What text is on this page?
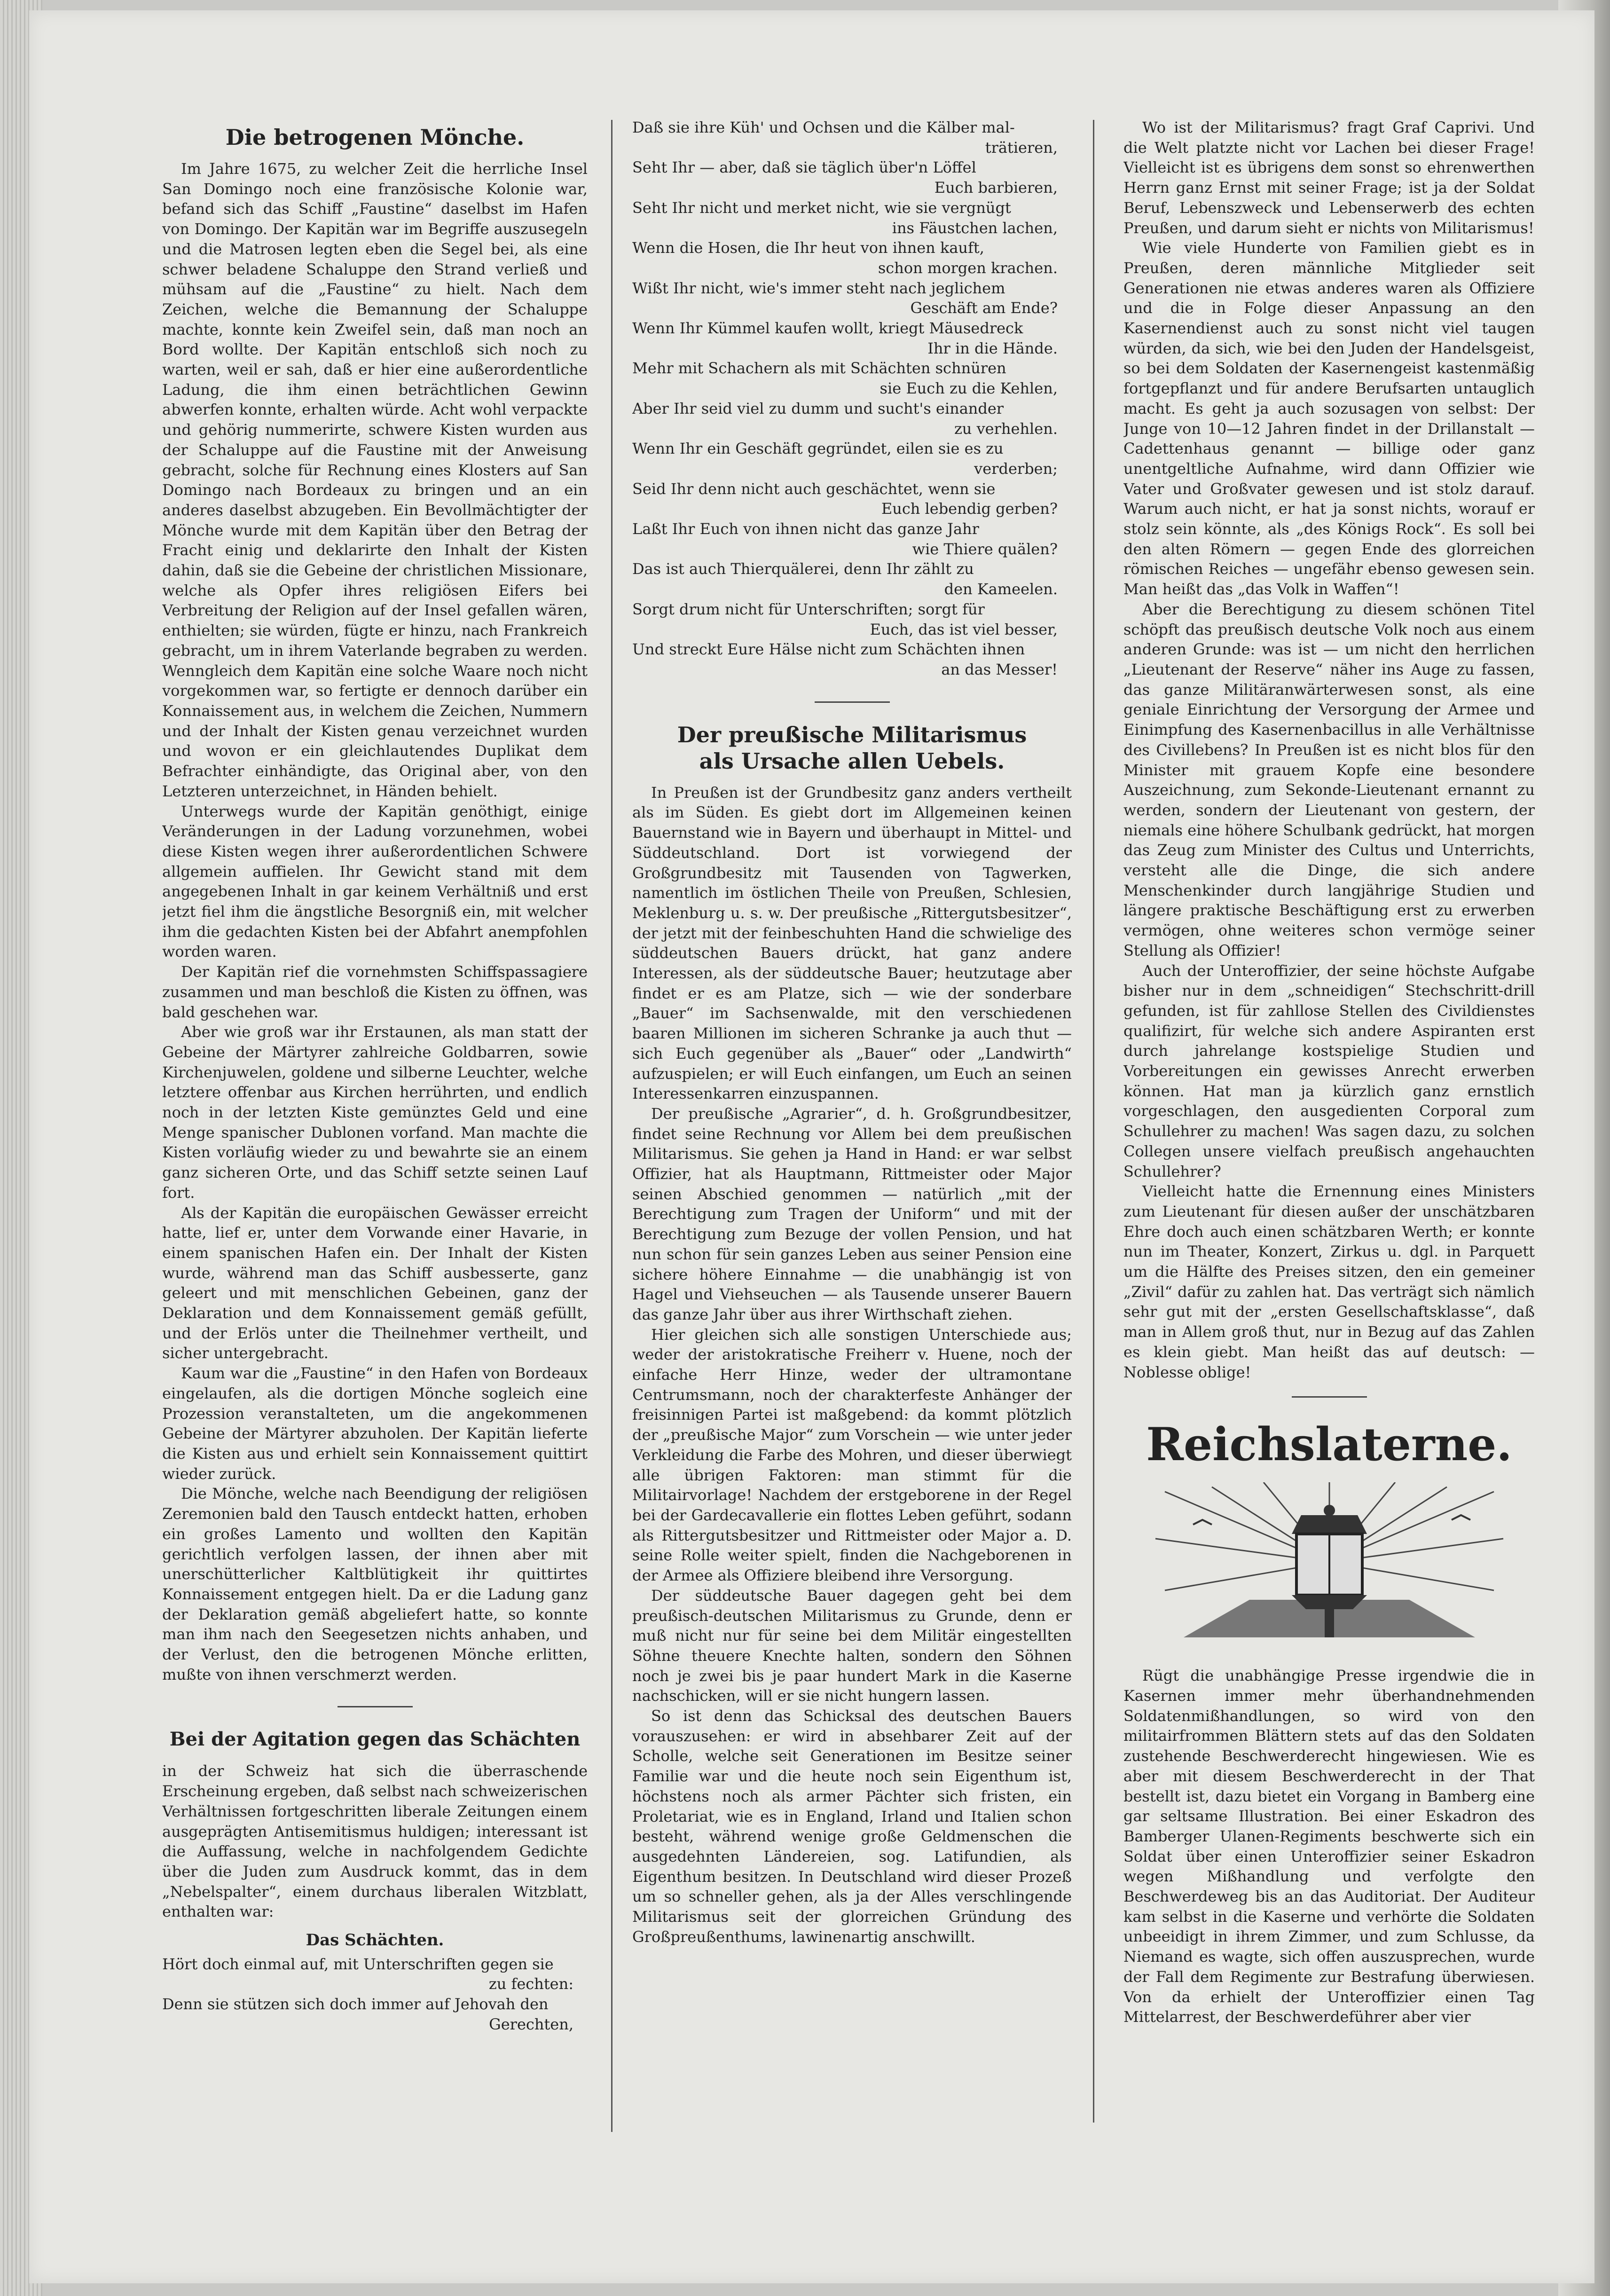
Die betrogenen Mönche.

Im Jahre 1675, zu welcher Zeit die herrliche Insel San Domingo noch eine französische Kolonie war, befand sich das Schiff „Faustine“ daselbst im Hafen von Domingo. Der Kapitän war im Begriffe auszusegeln und die Matrosen legten eben die Segel bei, als eine schwer beladene Schaluppe den Strand verließ und mühsam auf die „Faustine“ zu hielt. Nach dem Zeichen, welche die Bemannung der Schaluppe machte, konnte kein Zweifel sein, daß man noch an Bord wollte. Der Kapitän entschloß sich noch zu warten, weil er sah, daß er hier eine außerordentliche Ladung, die ihm einen beträchtlichen Gewinn abwerfen konnte, erhalten würde. Acht wohl verpackte und gehörig nummerirte, schwere Kisten wurden aus der Schaluppe auf die Faustine mit der Anweisung gebracht, solche für Rechnung eines Klosters auf San Domingo nach Bordeaux zu bringen und an ein anderes daselbst abzugeben. Ein Bevollmächtigter der Mönche wurde mit dem Kapitän über den Betrag der Fracht einig und deklarirte den Inhalt der Kisten dahin, daß sie die Gebeine der christlichen Missionare, welche als Opfer ihres religiösen Eifers bei Verbreitung der Religion auf der Insel gefallen wären, enthielten; sie würden, fügte er hinzu, nach Frankreich gebracht, um in ihrem Vaterlande begraben zu werden. Wenngleich dem Kapitän eine solche Waare noch nicht vorgekommen war, so fertigte er dennoch darüber ein Konnaissement aus, in welchem die Zeichen, Nummern und der Inhalt der Kisten genau verzeichnet wurden und wovon er ein gleichlautendes Duplikat dem Befrachter einhändigte, das Original aber, von den Letzteren unterzeichnet, in Händen behielt.

Unterwegs wurde der Kapitän genöthigt, einige Veränderungen in der Ladung vorzunehmen, wobei diese Kisten wegen ihrer außerordentlichen Schwere allgemein auffielen. Ihr Gewicht stand mit dem angegebenen Inhalt in gar keinem Verhältniß und erst jetzt fiel ihm die ängstliche Besorgniß ein, mit welcher ihm die gedachten Kisten bei der Abfahrt anempfohlen worden waren.

Der Kapitän rief die vornehmsten Schiffspassagiere zusammen und man beschloß die Kisten zu öffnen, was bald geschehen war.

Aber wie groß war ihr Erstaunen, als man statt der Gebeine der Märtyrer zahlreiche Goldbarren, sowie Kirchenjuwelen, goldene und silberne Leuchter, welche letztere offenbar aus Kirchen herrührten, und endlich noch in der letzten Kiste gemünztes Geld und eine Menge spanischer Dublonen vorfand. Man machte die Kisten vorläufig wieder zu und bewahrte sie an einem ganz sicheren Orte, und das Schiff setzte seinen Lauf fort.

Als der Kapitän die europäischen Gewässer erreicht hatte, lief er, unter dem Vorwande einer Havarie, in einem spanischen Hafen ein. Der Inhalt der Kisten wurde, während man das Schiff ausbesserte, ganz geleert und mit menschlichen Gebeinen, ganz der Deklaration und dem Konnaissement gemäß gefüllt, und der Erlös unter die Theilnehmer vertheilt, und sicher untergebracht.

Kaum war die „Faustine“ in den Hafen von Bordeaux eingelaufen, als die dortigen Mönche sogleich eine Prozession veranstalteten, um die angekommenen Gebeine der Märtyrer abzuholen. Der Kapitän lieferte die Kisten aus und erhielt sein Konnaissement quittirt wieder zurück.

Die Mönche, welche nach Beendigung der religiösen Zeremonien bald den Tausch entdeckt hatten, erhoben ein großes Lamento und wollten den Kapitän gerichtlich verfolgen lassen, der ihnen aber mit unerschütterlicher Kaltblütigkeit ihr quittirtes Konnaissement entgegen hielt. Da er die Ladung ganz der Deklaration gemäß abgeliefert hatte, so konnte man ihm nach den Seegesetzen nichts anhaben, und der Verlust, den die betrogenen Mönche erlitten, mußte von ihnen verschmerzt werden.

Bei der Agitation gegen das Schächten

in der Schweiz hat sich die überraschende Erscheinung ergeben, daß selbst nach schweizerischen Verhältnissen fortgeschritten liberale Zeitungen einem ausgeprägten Antisemitismus huldigen; interessant ist die Auffassung, welche in nachfolgendem Gedichte über die Juden zum Ausdruck kommt, das in dem „Nebelspalter“, einem durchaus liberalen Witzblatt, enthalten war:

Das Schächten.

Hört doch einmal auf, mit Unterschriften gegen sie

zu fechten:

Denn sie stützen sich doch immer auf Jehovah den

Gerechten,

Daß sie ihre Küh' und Ochsen und die Kälber mal-

trätieren,

Seht Ihr — aber, daß sie täglich über'n Löffel

Euch barbieren,

Seht Ihr nicht und merket nicht, wie sie vergnügt

ins Fäustchen lachen,

Wenn die Hosen, die Ihr heut von ihnen kauft,

schon morgen krachen.

Wißt Ihr nicht, wie's immer steht nach jeglichem

Geschäft am Ende?

Wenn Ihr Kümmel kaufen wollt, kriegt Mäusedreck

Ihr in die Hände.

Mehr mit Schachern als mit Schächten schnüren

sie Euch zu die Kehlen,

Aber Ihr seid viel zu dumm und sucht's einander

zu verhehlen.

Wenn Ihr ein Geschäft gegründet, eilen sie es zu

verderben;

Seid Ihr denn nicht auch geschächtet, wenn sie

Euch lebendig gerben?

Laßt Ihr Euch von ihnen nicht das ganze Jahr

wie Thiere quälen?

Das ist auch Thierquälerei, denn Ihr zählt zu

den Kameelen.

Sorgt drum nicht für Unterschriften; sorgt für

Euch, das ist viel besser,

Und streckt Eure Hälse nicht zum Schächten ihnen

an das Messer!

Der preußische Militarismus
als Ursache allen Uebels.

In Preußen ist der Grundbesitz ganz anders vertheilt als im Süden. Es giebt dort im Allgemeinen keinen Bauernstand wie in Bayern und überhaupt in Mittel- und Süddeutschland. Dort ist vorwiegend der Großgrundbesitz mit Tausenden von Tagwerken, namentlich im östlichen Theile von Preußen, Schlesien, Meklenburg u. s. w. Der preußische „Rittergutsbesitzer“, der jetzt mit der feinbeschuhten Hand die schwielige des süddeutschen Bauers drückt, hat ganz andere Interessen, als der süddeutsche Bauer; heutzutage aber findet er es am Platze, sich — wie der sonderbare „Bauer“ im Sachsenwalde, mit den verschiedenen baaren Millionen im sicheren Schranke ja auch thut — sich Euch gegenüber als „Bauer“ oder „Landwirth“ aufzuspielen; er will Euch einfangen, um Euch an seinen Interessenkarren einzuspannen.

Der preußische „Agrarier“, d. h. Großgrundbesitzer, findet seine Rechnung vor Allem bei dem preußischen Militarismus. Sie gehen ja Hand in Hand: er war selbst Offizier, hat als Hauptmann, Rittmeister oder Major seinen Abschied genommen — natürlich „mit der Berechtigung zum Tragen der Uniform“ und mit der Berechtigung zum Bezuge der vollen Pension, und hat nun schon für sein ganzes Leben aus seiner Pension eine sichere höhere Einnahme — die unabhängig ist von Hagel und Viehseuchen — als Tausende unserer Bauern das ganze Jahr über aus ihrer Wirthschaft ziehen.

Hier gleichen sich alle sonstigen Unterschiede aus; weder der aristokratische Freiherr v. Huene, noch der einfache Herr Hinze, weder der ultramontane Centrumsmann, noch der charakterfeste Anhänger der freisinnigen Partei ist maßgebend: da kommt plötzlich der „preußische Major“ zum Vorschein — wie unter jeder Verkleidung die Farbe des Mohren, und dieser überwiegt alle übrigen Faktoren: man stimmt für die Militairvorlage! Nachdem der erstgeborene in der Regel bei der Gardecavallerie ein flottes Leben geführt, sodann als Rittergutsbesitzer und Rittmeister oder Major a. D. seine Rolle weiter spielt, finden die Nachgeborenen in der Armee als Offiziere bleibend ihre Versorgung.

Der süddeutsche Bauer dagegen geht bei dem preußisch-deutschen Militarismus zu Grunde, denn er muß nicht nur für seine bei dem Militär eingestellten Söhne theuere Knechte halten, sondern den Söhnen noch je zwei bis je paar hundert Mark in die Kaserne nachschicken, will er sie nicht hungern lassen.

So ist denn das Schicksal des deutschen Bauers vorauszusehen: er wird in absehbarer Zeit auf der Scholle, welche seit Generationen im Besitze seiner Familie war und die heute noch sein Eigenthum ist, höchstens noch als armer Pächter sich fristen, ein Proletariat, wie es in England, Irland und Italien schon besteht, während wenige große Geldmenschen die ausgedehnten Ländereien, sog. Latifundien, als Eigenthum besitzen. In Deutschland wird dieser Prozeß um so schneller gehen, als ja der Alles verschlingende Militarismus seit der glorreichen Gründung des Großpreußenthums, lawinenartig anschwillt.

Wo ist der Militarismus? fragt Graf Caprivi. Und die Welt platzte nicht vor Lachen bei dieser Frage! Vielleicht ist es übrigens dem sonst so ehrenwerthen Herrn ganz Ernst mit seiner Frage; ist ja der Soldat Beruf, Lebenszweck und Lebenserwerb des echten Preußen, und darum sieht er nichts von Militarismus!

Wie viele Hunderte von Familien giebt es in Preußen, deren männliche Mitglieder seit Generationen nie etwas anderes waren als Offiziere und die in Folge dieser Anpassung an den Kasernendienst auch zu sonst nicht viel taugen würden, da sich, wie bei den Juden der Handelsgeist, so bei dem Soldaten der Kasernengeist kastenmäßig fortgepflanzt und für andere Berufsarten untauglich macht. Es geht ja auch sozusagen von selbst: Der Junge von 10—12 Jahren findet in der Drillanstalt — Cadettenhaus genannt — billige oder ganz unentgeltliche Aufnahme, wird dann Offizier wie Vater und Großvater gewesen und ist stolz darauf. Warum auch nicht, er hat ja sonst nichts, worauf er stolz sein könnte, als „des Königs Rock“. Es soll bei den alten Römern — gegen Ende des glorreichen römischen Reiches — ungefähr ebenso gewesen sein. Man heißt das „das Volk in Waffen“!

Aber die Berechtigung zu diesem schönen Titel schöpft das preußisch deutsche Volk noch aus einem anderen Grunde: was ist — um nicht den herrlichen „Lieutenant der Reserve“ näher ins Auge zu fassen, das ganze Militäranwärterwesen sonst, als eine geniale Einrichtung der Versorgung der Armee und Einimpfung des Kasernenbacillus in alle Verhältnisse des Civillebens? In Preußen ist es nicht blos für den Minister mit grauem Kopfe eine besondere Auszeichnung, zum Sekonde-Lieutenant ernannt zu werden, sondern der Lieutenant von gestern, der niemals eine höhere Schulbank gedrückt, hat morgen das Zeug zum Minister des Cultus und Unterrichts, versteht alle die Dinge, die sich andere Menschenkinder durch langjährige Studien und längere praktische Beschäftigung erst zu erwerben vermögen, ohne weiteres schon vermöge seiner Stellung als Offizier!

Auch der Unteroffizier, der seine höchste Aufgabe bisher nur in dem „schneidigen“ Stechschritt-drill gefunden, ist für zahllose Stellen des Civildienstes qualifizirt, für welche sich andere Aspiranten erst durch jahrelange kostspielige Studien und Vorbereitungen ein gewisses Anrecht erwerben können. Hat man ja kürzlich ganz ernstlich vorgeschlagen, den ausgedienten Corporal zum Schullehrer zu machen! Was sagen dazu, zu solchen Collegen unsere vielfach preußisch angehauchten Schullehrer?

Vielleicht hatte die Ernennung eines Ministers zum Lieutenant für diesen außer der unschätzbaren Ehre doch auch einen schätzbaren Werth; er konnte nun im Theater, Konzert, Zirkus u. dgl. in Parquett um die Hälfte des Preises sitzen, den ein gemeiner „Zivil“ dafür zu zahlen hat. Das verträgt sich nämlich sehr gut mit der „ersten Gesellschaftsklasse“, daß man in Allem groß thut, nur in Bezug auf das Zahlen es klein giebt. Man heißt das auf deutsch: — Noblesse oblige!

Reichslaterne.

Rügt die unabhängige Presse irgendwie die in Kasernen immer mehr überhandnehmenden Soldatenmißhandlungen, so wird von den militairfrommen Blättern stets auf das den Soldaten zustehende Beschwerderecht hingewiesen. Wie es aber mit diesem Beschwerderecht in der That bestellt ist, dazu bietet ein Vorgang in Bamberg eine gar seltsame Illustration. Bei einer Eskadron des Bamberger Ulanen-Regiments beschwerte sich ein Soldat über einen Unteroffizier seiner Eskadron wegen Mißhandlung und verfolgte den Beschwerdeweg bis an das Auditoriat. Der Auditeur kam selbst in die Kaserne und verhörte die Soldaten unbeeidigt in ihrem Zimmer, und zum Schlusse, da Niemand es wagte, sich offen auszusprechen, wurde der Fall dem Regimente zur Bestrafung überwiesen. Von da erhielt der Unteroffizier einen Tag Mittelarrest, der Beschwerdeführer aber vier
